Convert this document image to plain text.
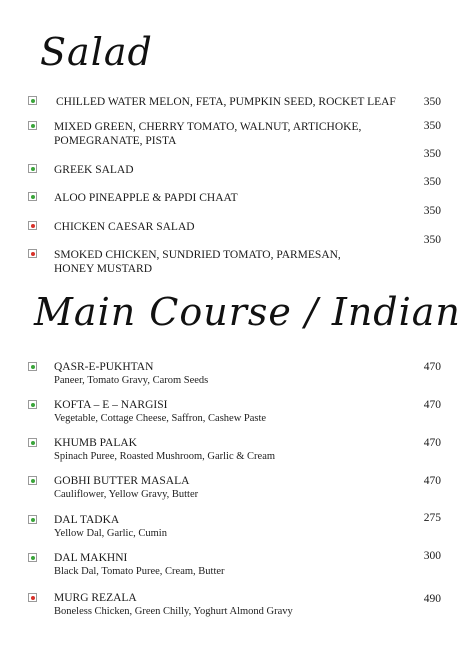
Salad
CHILLED WATER MELON, FETA, PUMPKIN SEED, ROCKET LEAF	350
MIXED GREEN, CHERRY TOMATO, WALNUT, ARTICHOKE,
POMEGRANATE, PISTA
350
GREEK SALAD
350
ALOO PINEAPPLE & PAPDI CHAAT
350
CHICKEN CAESAR SALAD
350
SMOKED CHICKEN, SUNDRIED TOMATO, PARMESAN,
HONEY MUSTARD
350
Main Course / Indian
QASR-E-PUKHTAN
Paneer, Tomato Gravy, Carom Seeds
470
KOFTA – E – NARGISI
Vegetable, Cottage Cheese, Saffron, Cashew Paste
470
KHUMB PALAK
Spinach Puree, Roasted Mushroom, Garlic & Cream
470
GOBHI BUTTER MASALA
Cauliflower, Yellow Gravy, Butter
470
DAL TADKA
Yellow Dal, Garlic, Cumin
275
DAL MAKHNI
Black Dal, Tomato Puree, Cream, Butter
300
MURG REZALA
Boneless Chicken, Green Chilly, Yoghurt Almond Gravy
490
